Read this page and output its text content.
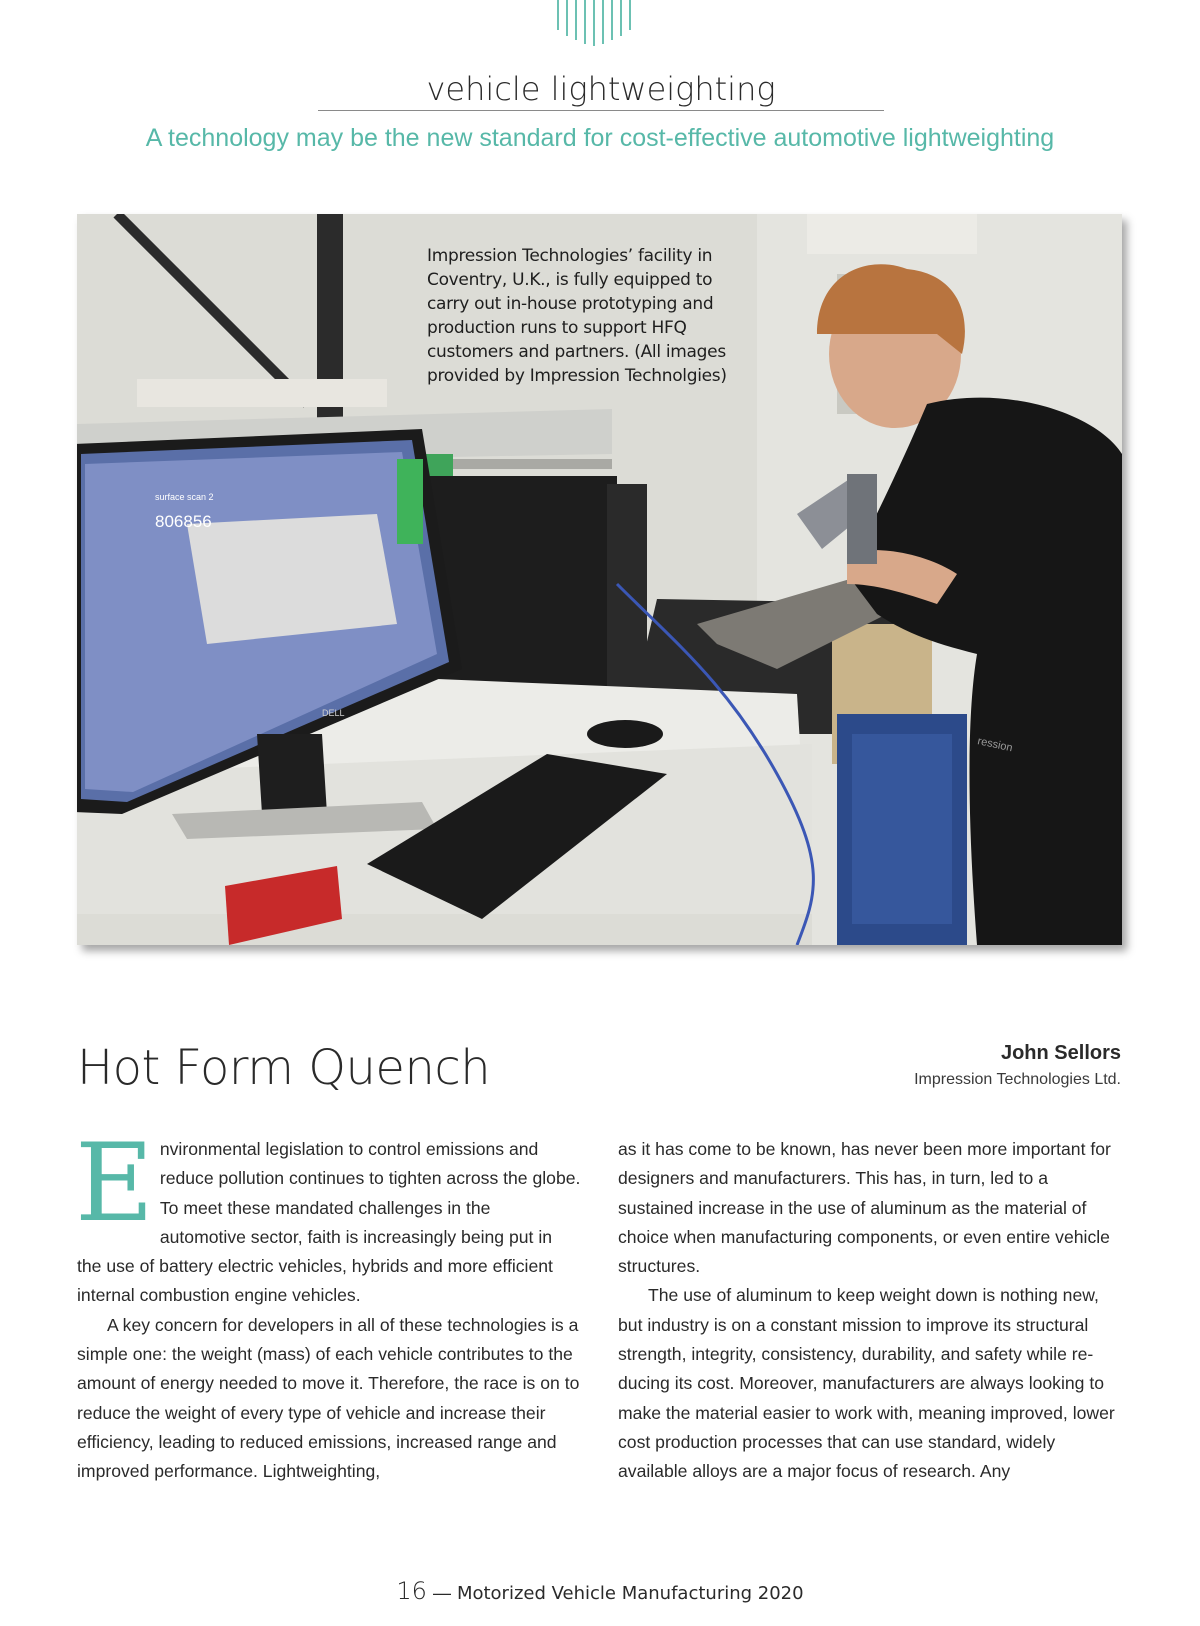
vehicle lightweighting
A technology may be the new standard for cost-effective automotive lightweighting
806856
surface scan 2
DELL
ression
Impression Technologies’ facility in Coventry, U.K., is fully equipped to carry out in-house prototyping and production runs to support HFQ customers and partners. (All images provided by Impression Technolgies)
Hot Form Quench	John Sellors
Impression Technologies Ltd.

Environmental legislation to control emissions and reduce pollution continues to tighten across the globe. To meet these mandated challenges in the automotive sector, faith is increasingly being put in the use of battery electric vehicles, hybrids and more efficient internal combustion engine vehicles.

A key concern for developers in all of these technologies is a simple one: the weight (mass) of each vehicle contributes to the amount of energy needed to move it. Therefore, the race is on to reduce the weight of every type of vehicle and increase their efficiency, leading to reduced emissions, increased range and improved performance. Lightweighting,

as it has come to be known, has never been more important for designers and manufacturers. This has, in turn, led to a sustained increase in the use of aluminum as the material of choice when manufacturing components, or even entire vehicle structures.

The use of aluminum to keep weight down is nothing new, but industry is on a constant mission to improve its structural strength, integrity, consistency, durability, and safety while reducing its cost. Moreover, manufacturers are always looking to make the material easier to work with, meaning improved, lower cost production processes that can use standard, widely available alloys are a major focus of research. Any

16 — Motorized Vehicle Manufacturing 2020
